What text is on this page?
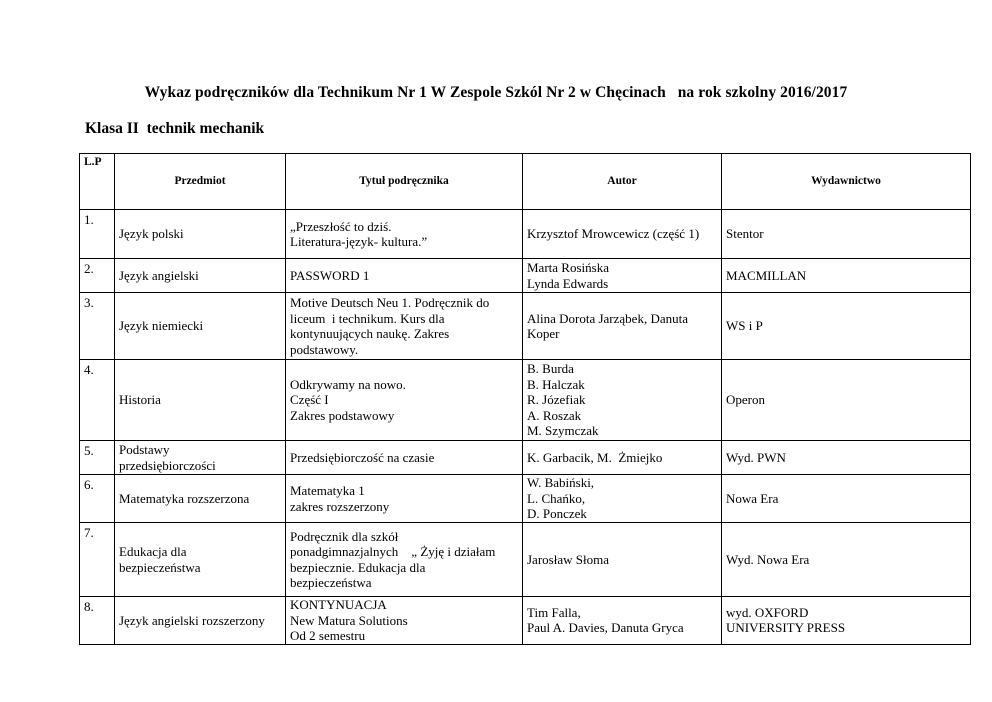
Wykaz podręczników dla Technikum Nr 1 W Zespole Szkól Nr 2 w Chęcinach   na rok szkolny 2016/2017
Klasa II  technik mechanik
L.P	Przedmiot	Tytuł podręcznika	Autor	Wydawnictwo
1.	Język polski	„Przeszłość to dziś.
Literatura-język- kultura.”	Krzysztof Mrowcewicz (część 1)	Stentor

2.	Język angielski	PASSWORD 1	Marta Rosińska
Lynda Edwards	MACMILLAN

3.	Język niemiecki	Motive Deutsch Neu 1. Podręcznik do
liceum  i technikum. Kurs dla
kontynuujących naukę. Zakres
podstawowy.	Alina Dorota Jarząbek, Danuta
Koper	WS i P

4.	Historia	Odkrywamy na nowo.
Część I
Zakres podstawowy	B. Burda
B. Halczak
R. Józefiak
A. Roszak
M. Szymczak	Operon

5.	Podstawy
przedsiębiorczości	Przedsiębiorczość na czasie	K. Garbacik, M.  Żmiejko	Wyd. PWN

6.	Matematyka rozszerzona	Matematyka 1
zakres rozszerzony	W. Babiński,
L. Chańko,
D. Ponczek	Nowa Era

7.	Edukacja dla
bezpieczeństwa	Podręcznik dla szkół
ponadgimnazjalnych    „ Żyję i działam
bezpiecznie. Edukacja dla
bezpieczeństwa	Jarosław Słoma	Wyd. Nowa Era

8.	Język angielski rozszerzony	KONTYNUACJA
New Matura Solutions
Od 2 semestru	Tim Falla,
Paul A. Davies, Danuta Gryca	wyd. OXFORD
UNIVERSITY PRESS
